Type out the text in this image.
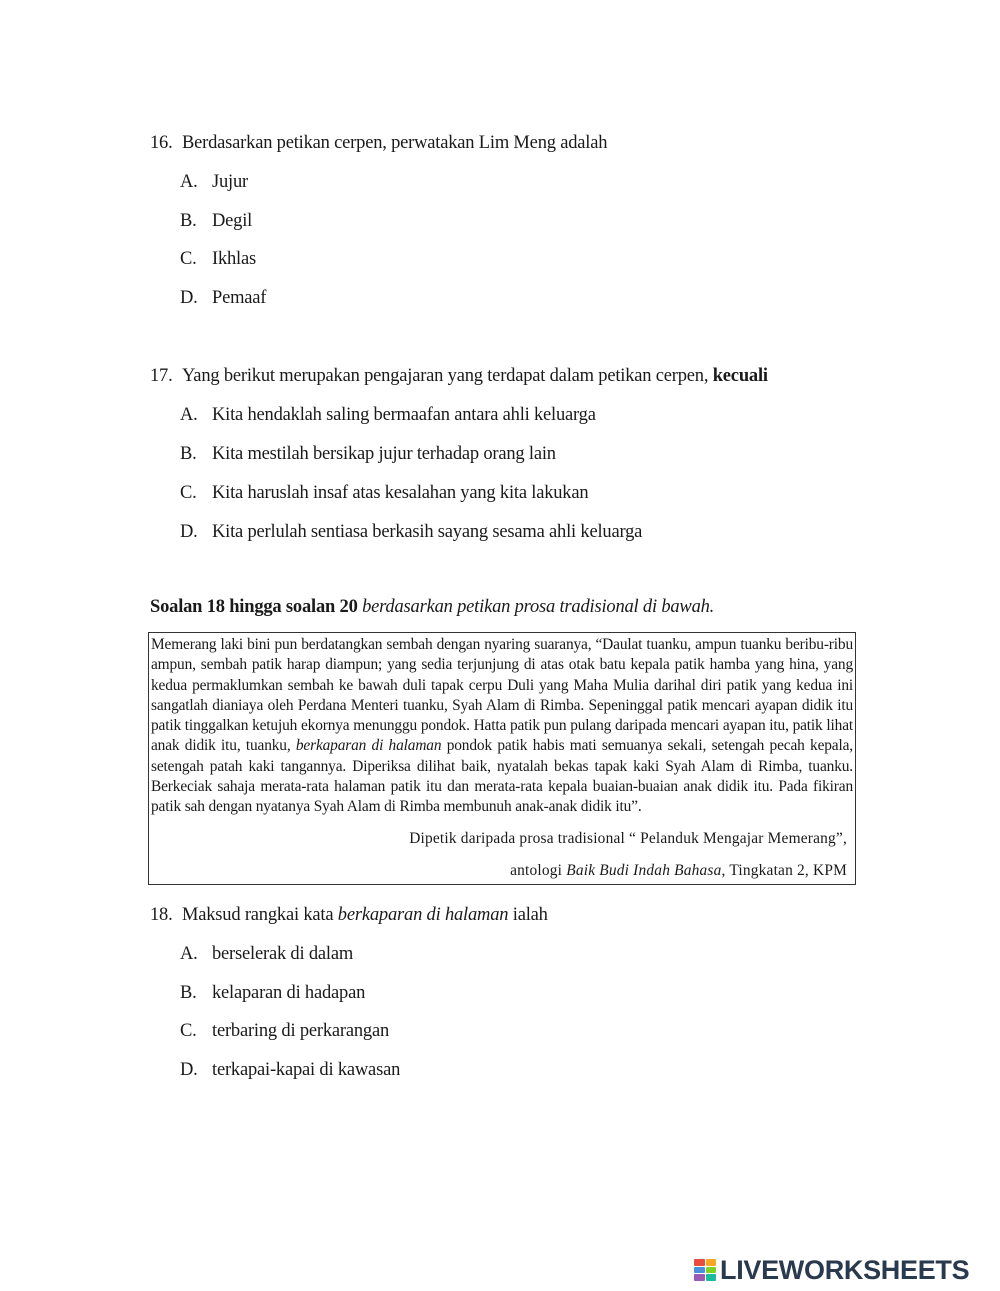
16. Berdasarkan petikan cerpen, perwatakan Lim Meng adalah
A. Jujur
B. Degil
C. Ikhlas
D. Pemaaf
17. Yang berikut merupakan pengajaran yang terdapat dalam petikan cerpen, kecuali
A. Kita hendaklah saling bermaafan antara ahli keluarga
B. Kita mestilah bersikap jujur terhadap orang lain
C. Kita haruslah insaf atas kesalahan yang kita lakukan
D. Kita perlulah sentiasa berkasih sayang sesama ahli keluarga
Soalan 18 hingga soalan 20 berdasarkan petikan prosa tradisional di bawah.
Memerang laki bini pun berdatangkan sembah dengan nyaring suaranya, “Daulat tuanku, ampun tuanku beribu-ribu ampun, sembah patik harap diampun; yang sedia terjunjung di atas otak batu kepala patik hamba yang hina, yang kedua permaklumkan sembah ke bawah duli tapak cerpu Duli yang Maha Mulia darihal diri patik yang kedua ini sangatlah dianiaya oleh Perdana Menteri tuanku, Syah Alam di Rimba. Sepeninggal patik mencari ayapan didik itu patik tinggalkan ketujuh ekornya menunggu pondok. Hatta patik pun pulang daripada mencari ayapan itu, patik lihat anak didik itu, tuanku, berkaparan di halaman pondok patik habis mati semuanya sekali, setengah pecah kepala, setengah patah kaki tangannya. Diperiksa dilihat baik, nyatalah bekas tapak kaki Syah Alam di Rimba, tuanku. Berkeciak sahaja merata-rata halaman patik itu dan merata-rata kepala buaian-buaian anak didik itu. Pada fikiran patik sah dengan nyatanya Syah Alam di Rimba membunuh anak-anak didik itu”.
Dipetik daripada prosa tradisional “ Pelanduk Mengajar Memerang”,
antologi Baik Budi Indah Bahasa, Tingkatan 2, KPM
18. Maksud rangkai kata berkaparan di halaman ialah
A. berselerak di dalam
B. kelaparan di hadapan
C. terbaring di perkarangan
D. terkapai-kapai di kawasan
LIVEWORKSHEETS
